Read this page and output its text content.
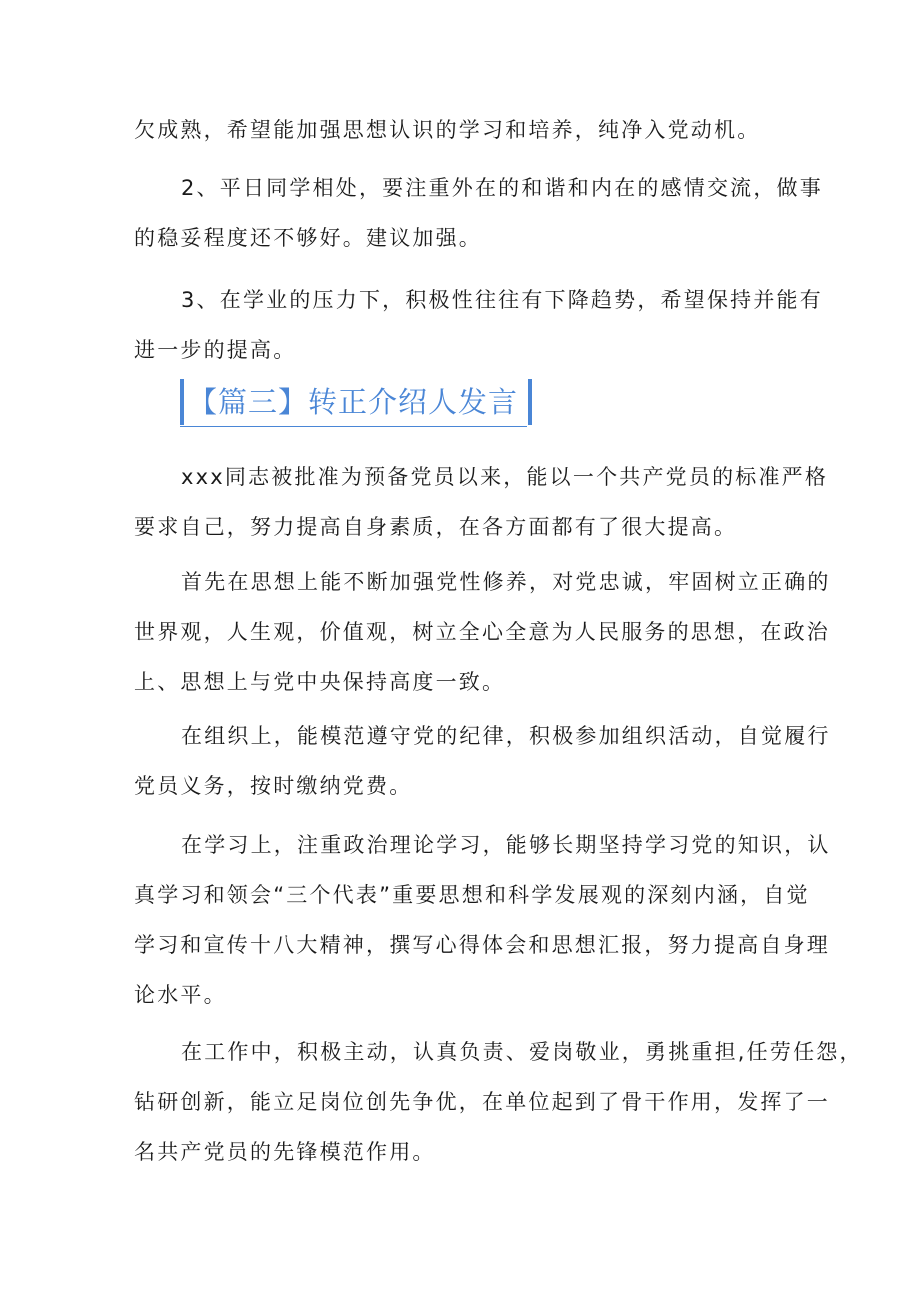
欠成熟，希望能加强思想认识的学习和培养，纯净入党动机。

2、平日同学相处，要注重外在的和谐和内在的感情交流，做事
的稳妥程度还不够好。建议加强。

3、在学业的压力下，积极性往往有下降趋势，希望保持并能有
进一步的提高。

【篇三】转正介绍人发言

xxx同志被批准为预备党员以来，能以一个共产党员的标准严格
要求自己，努力提高自身素质，在各方面都有了很大提高。

首先在思想上能不断加强党性修养，对党忠诚，牢固树立正确的
世界观，人生观，价值观，树立全心全意为人民服务的思想，在政治
上、思想上与党中央保持高度一致。

在组织上，能模范遵守党的纪律，积极参加组织活动，自觉履行
党员义务，按时缴纳党费。

在学习上，注重政治理论学习，能够长期坚持学习党的知识，认
真学习和领会“三个代表”重要思想和科学发展观的深刻内涵，自觉
学习和宣传十八大精神，撰写心得体会和思想汇报，努力提高自身理
论水平。

在工作中，积极主动，认真负责、爱岗敬业，勇挑重担,任劳任怨，
钻研创新，能立足岗位创先争优，在单位起到了骨干作用，发挥了一
名共产党员的先锋模范作用。
